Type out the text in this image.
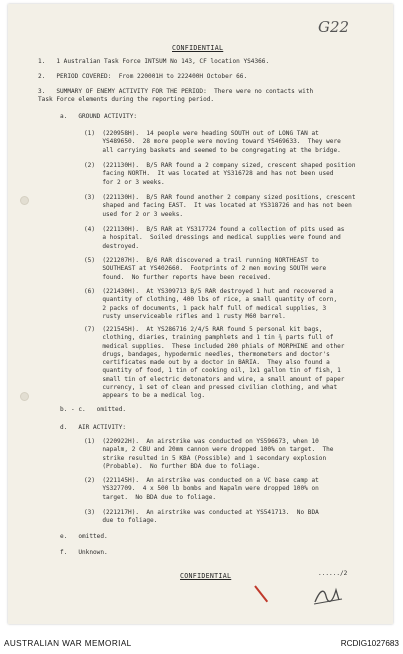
G22
CONFIDENTIAL
1.   1 Australian Task Force INTSUM No 143, CF location YS4366.
2.   PERIOD COVERED:  From 220001H to 222400H October 66.
3.   SUMMARY OF ENEMY ACTIVITY FOR THE PERIOD:  There were no contacts with
Task Force elements during the reporting period.
a.   GROUND ACTIVITY:
(1)  (220958H).  14 people were heading SOUTH out of LONG TAN at
YS489650.  28 more people were moving toward YS469633.  They were
all carrying baskets and seemed to be congregating at the bridge.
(2)  (221130H).  B/5 RAR found a 2 company sized, crescent shaped position
facing NORTH.  It was located at YS316728 and has not been used
for 2 or 3 weeks.
(3)  (221130H).  B/5 RAR found another 2 company sized positions, crescent
shaped and facing EAST.  It was located at YS318726 and has not been
used for 2 or 3 weeks.
(4)  (221130H).  B/5 RAR at YS317724 found a collection of pits used as
a hospital.  Soiled dressings and medical supplies were found and
destroyed.
(5)  (221207H).  B/6 RAR discovered a trail running NORTHEAST to
SOUTHEAST at YS402660.  Footprints of 2 men moving SOUTH were
found.  No further reports have been received.
(6)  (221430H).  At YS309713 B/5 RAR destroyed 1 hut and recovered a
quantity of clothing, 400 lbs of rice, a small quantity of corn,
2 packs of documents, 1 pack half full of medical supplies, 3
rusty unserviceable rifles and 1 rusty M60 barrel.
(7)  (221545H).  At YS286716 2/4/5 RAR found 5 personal kit bags,
clothing, diaries, training pamphlets and 1 tin ¾ parts full of
medical supplies.  These included 200 phials of MORPHINE and other
drugs, bandages, hypodermic needles, thermometers and doctor's
certificates made out by a doctor in BARIA.  They also found a
quantity of food, 1 tin of cooking oil, 1x1 gallon tin of fish, 1
small tin of electric detonators and wire, a small amount of paper
currency, 1 set of clean and pressed civilian clothing, and what
appears to be a medical log.
b. - c.   omitted.
d.   AIR ACTIVITY:
(1)  (220922H).  An airstrike was conducted on YS596673, when 10
napalm, 2 CBU and 20mm cannon were dropped 100% on target.  The
strike resulted in 5 KBA (Possible) and 1 secondary explosion
(Probable).  No further BDA due to foliage.
(2)  (221145H).  An airstrike was conducted on a VC base camp at
YS327709.  4 x 500 lb bombs and Napalm were dropped 100% on
target.  No BDA due to foliage.
(3)  (221217H).  An airstrike was conducted at YS541713.  No BDA
due to foliage.
e.   omitted.
f.   Unknown.
CONFIDENTIAL	....../2
AUSTRALIAN WAR MEMORIAL	RCDIG1027683
